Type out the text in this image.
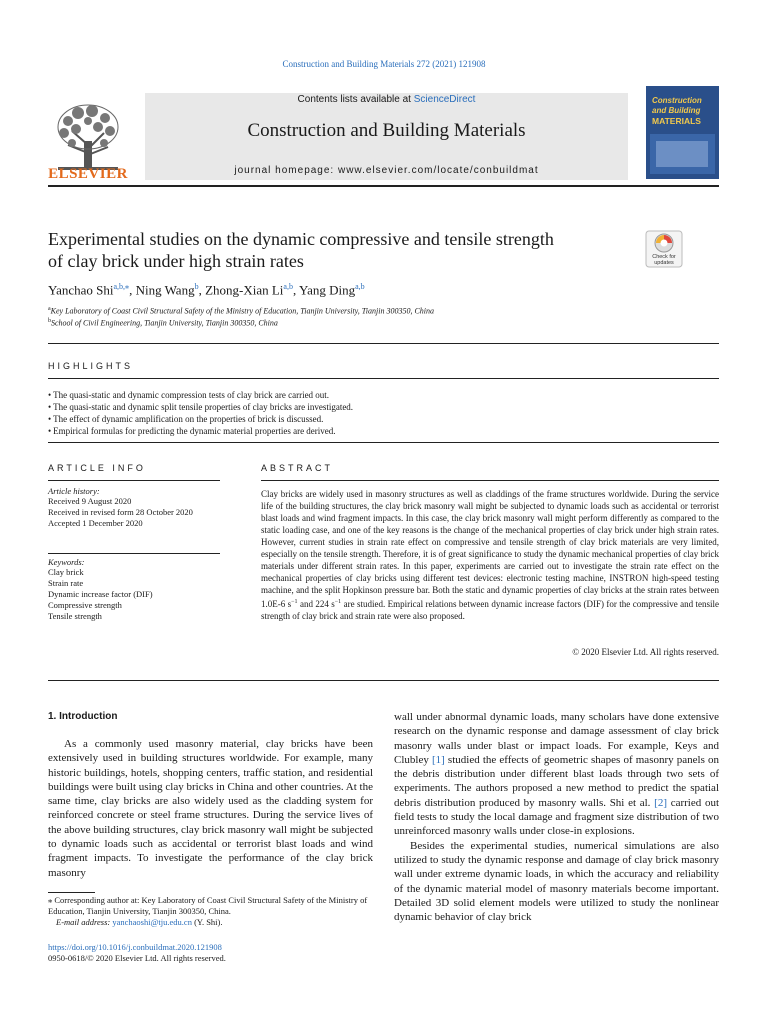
Construction and Building Materials 272 (2021) 121908
ELSEVIER
Contents lists available at ScienceDirect
Construction and Building Materials
journal homepage: www.elsevier.com/locate/conbuildmat
Construction
and Building
MATERIALS
Experimental studies on the dynamic compressive and tensile strength
of clay brick under high strain rates	Check for
updates
Yanchao Shi$^{a,b,⁎}$, Ning Wang$^b$, Zhong-Xian Li$^{a,b}$, Yang Ding$^{a,b}$
$^a$Key Laboratory of Coast Civil Structural Safety of the Ministry of Education, Tianjin University, Tianjin 300350, China
$^b$School of Civil Engineering, Tianjin University, Tianjin 300350, China
HIGHLIGHTS
• The quasi-static and dynamic compression tests of clay brick are carried out.
• The quasi-static and dynamic split tensile properties of clay bricks are investigated.
• The effect of dynamic amplification on the properties of brick is discussed.
• Empirical formulas for predicting the dynamic material properties are derived.
ARTICLE INFO
Article history:
Received 9 August 2020
Received in revised form 28 October 2020
Accepted 1 December 2020
Keywords:
Clay brick
Strain rate
Dynamic increase factor (DIF)
Compressive strength
Tensile strength
ABSTRACT
Clay bricks are widely used in masonry structures as well as claddings of the frame structures worldwide. During the service life of the building structures, the clay brick masonry wall might be subjected to dynamic loads such as accidental or terrorist blast loads and wind fragment impacts. In this case, the clay brick masonry wall might perform differently as compared to the static loading case, and one of the key reasons is the change of the mechanical properties of clay brick under high strain rates. However, current studies in strain rate effect on compressive and tensile strength of clay brick materials are very limited, especially on the tensile strength. Therefore, it is of great significance to study the dynamic mechanical properties of clay brick materials under different strain rates. In this paper, experiments are carried out to investigate the strain rate effect on the mechanical properties of clay bricks using different test devices: electronic testing machine, INSTRON high-speed testing machine, and the split Hopkinson pressure bar. Both the static and dynamic properties of clay bricks at the strain rates between 1.0E-6 $s^{-1}$ and 224 $s^{-1}$ are studied. Empirical relations between dynamic increase factors (DIF) for the compressive and tensile strength of clay brick and strain rate were also proposed.
© 2020 Elsevier Ltd. All rights reserved.
1. Introduction

As a commonly used masonry material, clay bricks have been extensively used in building structures worldwide. For example, many historic buildings, hotels, shopping centers, traffic station, and residential buildings were built using clay bricks in China and other countries. At the same time, clay bricks are also widely used as the cladding system for reinforced concrete or steel frame structures. During the service lives of the above building structures, clay brick masonry wall might be subjected to dynamic loads such as accidental or terrorist blast loads and wind fragment impacts. To investigate the performance of the clay brick masonry

wall under abnormal dynamic loads, many scholars have done extensive research on the dynamic response and damage assessment of clay brick masonry walls under blast or impact loads. For example, Keys and Clubley [1] studied the effects of geometric shapes of masonry panels on the debris distribution under different blast loads through two sets of experiments. The authors proposed a new method to predict the spatial debris distribution produced by masonry walls. Shi et al. [2] carried out field tests to study the local damage and fragment size distribution of two unreinforced masonry walls under close-in explosions.

Besides the experimental studies, numerical simulations are also utilized to study the dynamic response and damage of clay brick masonry wall under extreme dynamic loads, in which the accuracy and reliability of the dynamic material model of masonry materials become important. Detailed 3D solid element models were utilized to study the nonlinear dynamic behavior of clay brick

⁎ Corresponding author at: Key Laboratory of Coast Civil Structural Safety of the Ministry of Education, Tianjin University, Tianjin 300350, China.
E-mail address: yanchaoshi@tju.edu.cn (Y. Shi).
https://doi.org/10.1016/j.conbuildmat.2020.121908
0950-0618/© 2020 Elsevier Ltd. All rights reserved.
